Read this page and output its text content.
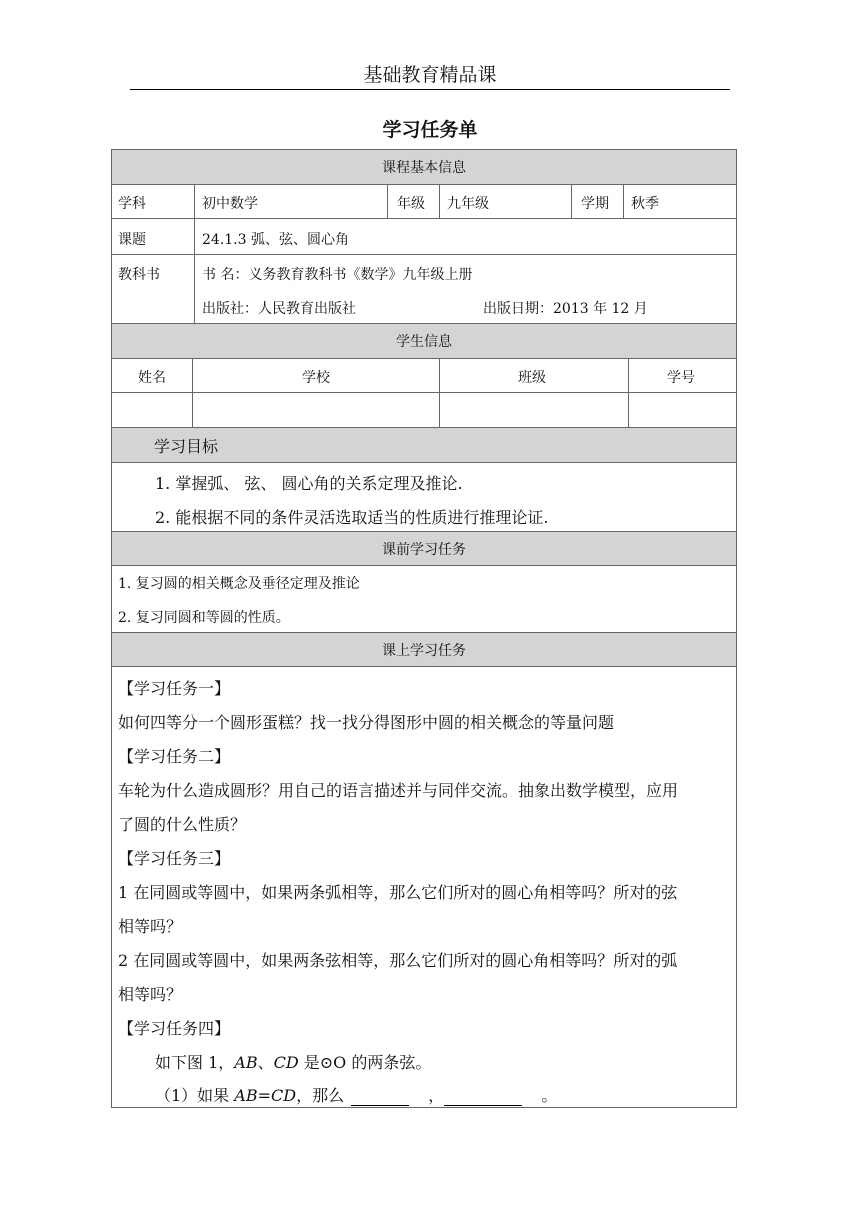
基础教育精品课
学习任务单
课程基本信息
学科	初中数学	年级 九年级	学期 秋季
课题	24.1.3 弧、弦、圆心角
教科书	书 名：义务教育教科书《数学》九年级上册
出版社：人民教育出版社	出版日期：2013 年 12 月
学生信息
姓名	学校	班级	学号
学习目标
1. 掌握弧、 弦、 圆心角的关系定理及推论.
2. 能根据不同的条件灵活选取适当的性质进行推理论证.
课前学习任务
1. 复习圆的相关概念及垂径定理及推论
2. 复习同圆和等圆的性质。
课上学习任务
【学习任务一】
如何四等分一个圆形蛋糕？找一找分得图形中圆的相关概念的等量问题
【学习任务二】
车轮为什么造成圆形？用自己的语言描述并与同伴交流。抽象出数学模型，应用
了圆的什么性质？
【学习任务三】
1 在同圆或等圆中，如果两条弧相等，那么它们所对的圆心角相等吗？所对的弦
相等吗？
2 在同圆或等圆中，如果两条弦相等，那么它们所对的圆心角相等吗？所对的弧
相等吗？
【学习任务四】
如下图 1，AB、CD 是⊙O 的两条弦。
（1）如果 AB=CD，那么	，	。
